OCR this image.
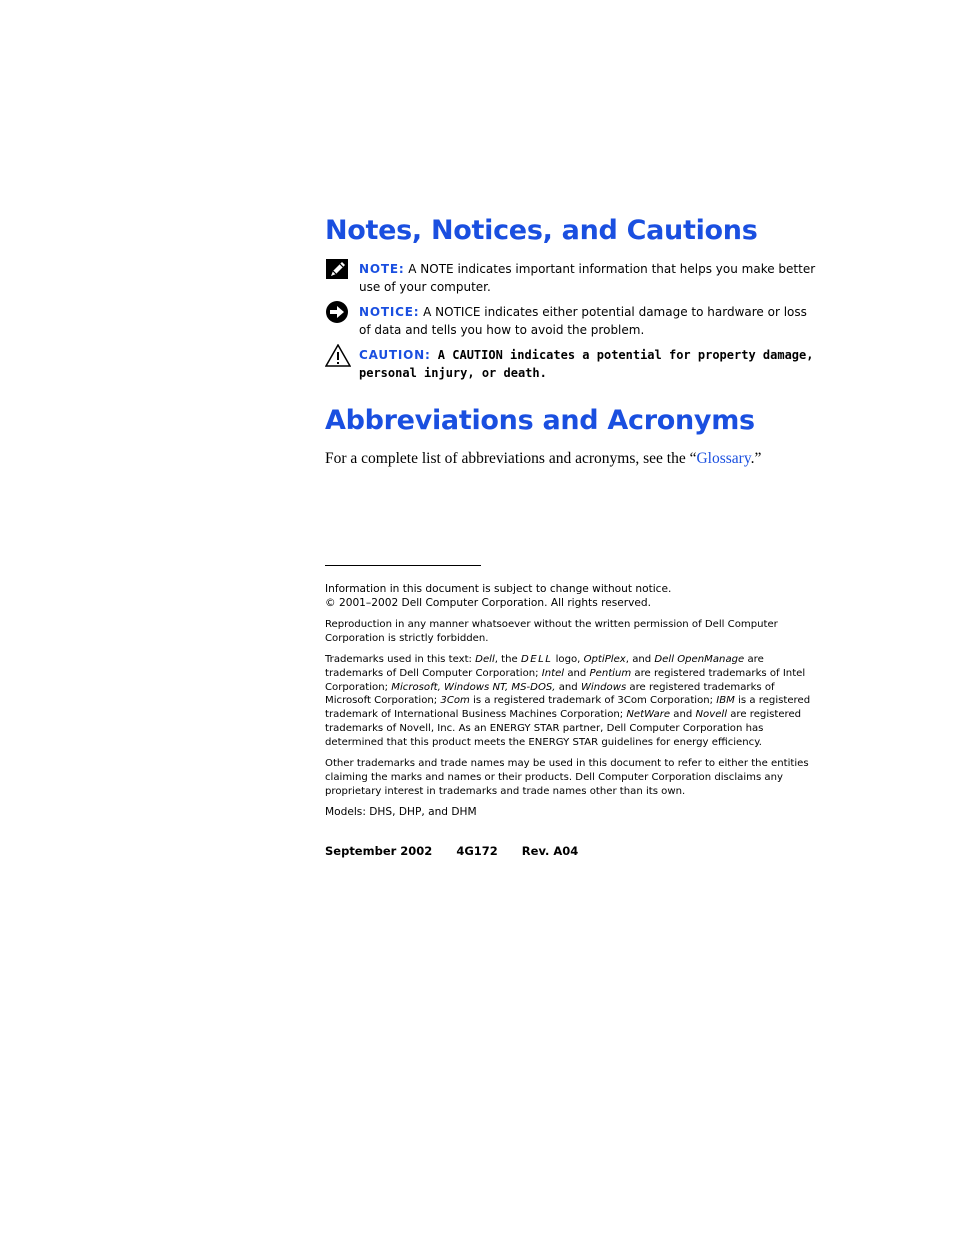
Notes, Notices, and Cautions
NOTE: A NOTE indicates important information that helps you make better use of your computer.
NOTICE: A NOTICE indicates either potential damage to hardware or loss of data and tells you how to avoid the problem.
CAUTION: A CAUTION indicates a potential for property damage, personal injury, or death.
Abbreviations and Acronyms
For a complete list of abbreviations and acronyms, see the “Glossary.”

Information in this document is subject to change without notice.
© 2001–2002 Dell Computer Corporation. All rights reserved.

Reproduction in any manner whatsoever without the written permission of Dell Computer Corporation is strictly forbidden.

Trademarks used in this text: Dell, the DELL logo, OptiPlex, and Dell OpenManage are trademarks of Dell Computer Corporation; Intel and Pentium are registered trademarks of Intel Corporation; Microsoft, Windows NT, MS-DOS, and Windows are registered trademarks of Microsoft Corporation; 3Com is a registered trademark of 3Com Corporation; IBM is a registered trademark of International Business Machines Corporation; NetWare and Novell are registered trademarks of Novell, Inc. As an ENERGY STAR partner, Dell Computer Corporation has determined that this product meets the ENERGY STAR guidelines for energy efficiency.

Other trademarks and trade names may be used in this document to refer to either the entities claiming the marks and names or their products. Dell Computer Corporation disclaims any proprietary interest in trademarks and trade names other than its own.

Models: DHS, DHP, and DHM

September 2002 4G172 Rev. A04
